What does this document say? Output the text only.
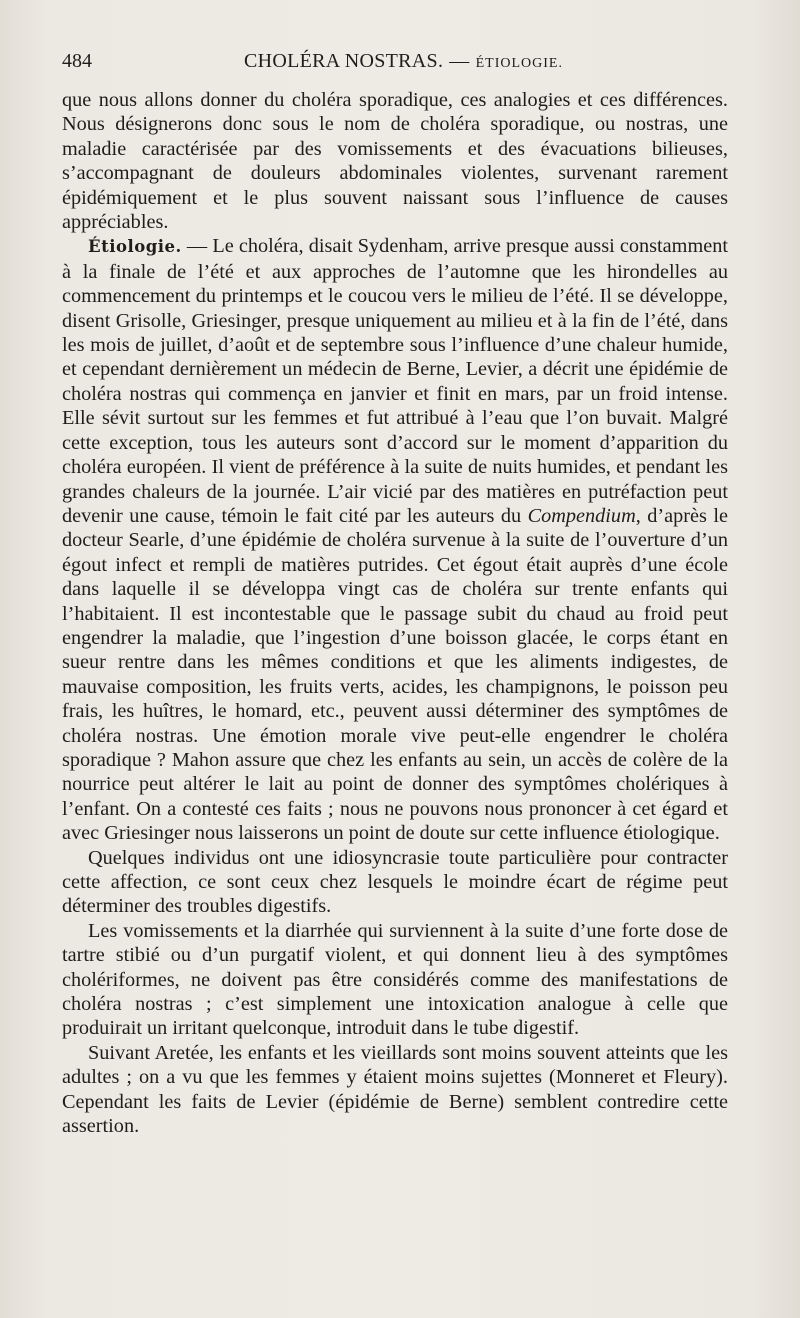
484	CHOLÉRA NOSTRAS. — ÉTIOLOGIE.

que nous allons donner du choléra sporadique, ces analogies et ces différences. Nous désignerons donc sous le nom de choléra sporadique, ou nostras, une maladie caractérisée par des vomissements et des évacuations bilieuses, s’accompagnant de douleurs abdominales violentes, survenant rarement épidémiquement et le plus souvent naissant sous l’influence de causes appréciables.

Étiologie. — Le choléra, disait Sydenham, arrive presque aussi constamment à la finale de l’été et aux approches de l’automne que les hirondelles au commencement du printemps et le coucou vers le milieu de l’été. Il se développe, disent Grisolle, Griesinger, presque uniquement au milieu et à la fin de l’été, dans les mois de juillet, d’août et de septembre sous l’influence d’une chaleur humide, et cependant dernièrement un médecin de Berne, Levier, a décrit une épidémie de choléra nostras qui commença en janvier et finit en mars, par un froid intense. Elle sévit surtout sur les femmes et fut attribué à l’eau que l’on buvait. Malgré cette exception, tous les auteurs sont d’accord sur le moment d’apparition du choléra européen. Il vient de préférence à la suite de nuits humides, et pendant les grandes chaleurs de la journée. L’air vicié par des matières en putréfaction peut devenir une cause, témoin le fait cité par les auteurs du Compendium, d’après le docteur Searle, d’une épidémie de choléra survenue à la suite de l’ouverture d’un égout infect et rempli de matières putrides. Cet égout était auprès d’une école dans laquelle il se développa vingt cas de choléra sur trente enfants qui l’habitaient. Il est incontestable que le passage subit du chaud au froid peut engendrer la maladie, que l’ingestion d’une boisson glacée, le corps étant en sueur rentre dans les mêmes conditions et que les aliments indigestes, de mauvaise composition, les fruits verts, acides, les champignons, le poisson peu frais, les huîtres, le homard, etc., peuvent aussi déterminer des symptômes de choléra nostras. Une émotion morale vive peut-elle engendrer le choléra sporadique ? Mahon assure que chez les enfants au sein, un accès de colère de la nourrice peut altérer le lait au point de donner des symptômes cholériques à l’enfant. On a contesté ces faits ; nous ne pouvons nous prononcer à cet égard et avec Griesinger nous laisserons un point de doute sur cette influence étiologique.

Quelques individus ont une idiosyncrasie toute particulière pour contracter cette affection, ce sont ceux chez lesquels le moindre écart de régime peut déterminer des troubles digestifs.

Les vomissements et la diarrhée qui surviennent à la suite d’une forte dose de tartre stibié ou d’un purgatif violent, et qui donnent lieu à des symptômes cholériformes, ne doivent pas être considérés comme des manifestations de choléra nostras ; c’est simplement une intoxication analogue à celle que produirait un irritant quelconque, introduit dans le tube digestif.

Suivant Aretée, les enfants et les vieillards sont moins souvent atteints que les adultes ; on a vu que les femmes y étaient moins sujettes (Monneret et Fleury). Cependant les faits de Levier (épidémie de Berne) semblent contredire cette assertion.
